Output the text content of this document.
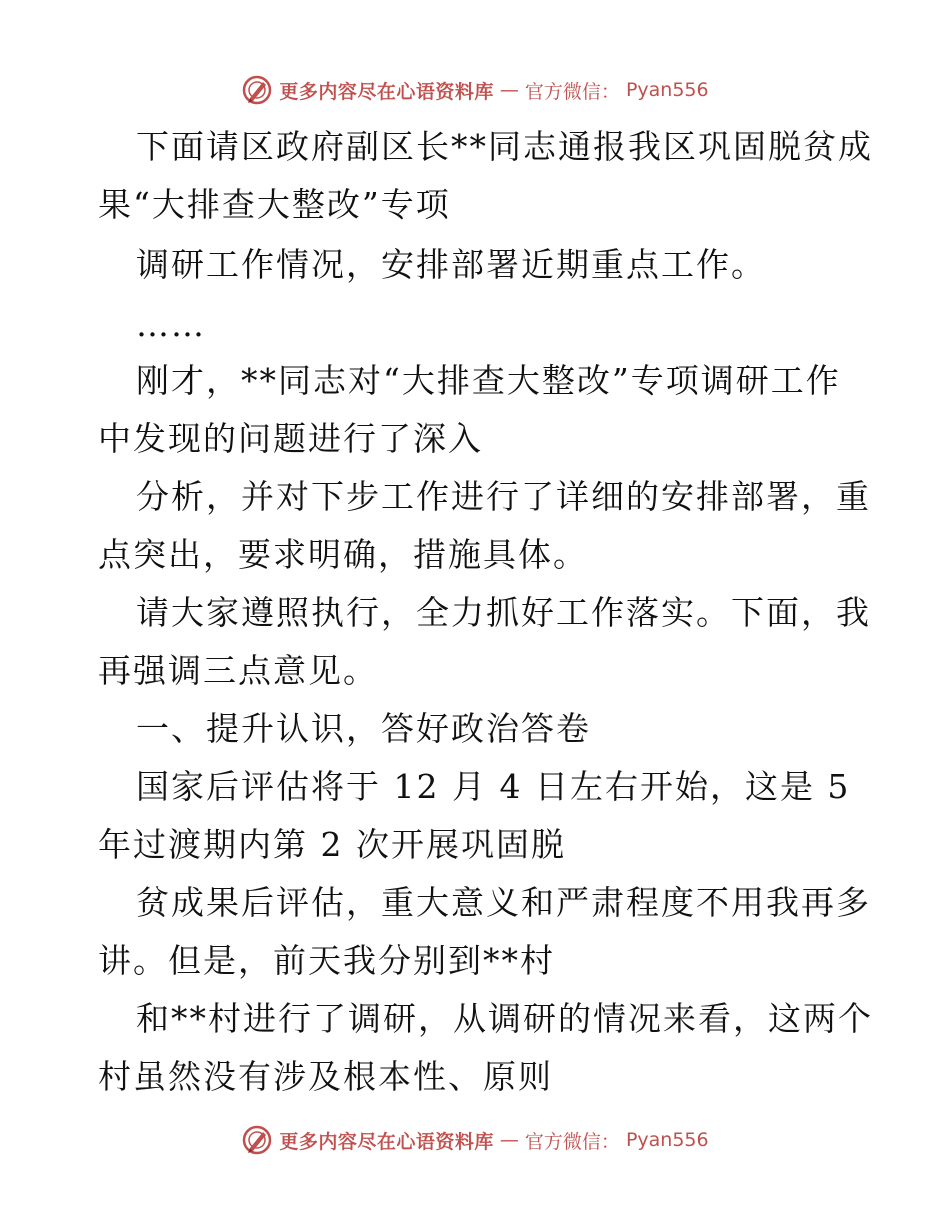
更多内容尽在心语资料库 — 官方微信： Pyan556
下面请区政府副区长**同志通报我区巩固脱贫成
果“大排查大整改”专项
调研工作情况，安排部署近期重点工作。
……
刚才，**同志对“大排查大整改”专项调研工作
中发现的问题进行了深入
分析，并对下步工作进行了详细的安排部署，重
点突出，要求明确，措施具体。
请大家遵照执行，全力抓好工作落实。下面，我
再强调三点意见。
一、提升认识，答好政治答卷
国家后评估将于 12 月 4 日左右开始，这是 5
年过渡期内第 2 次开展巩固脱
贫成果后评估，重大意义和严肃程度不用我再多
讲。但是，前天我分别到**村
和**村进行了调研，从调研的情况来看，这两个
村虽然没有涉及根本性、原则
更多内容尽在心语资料库 — 官方微信： Pyan556
